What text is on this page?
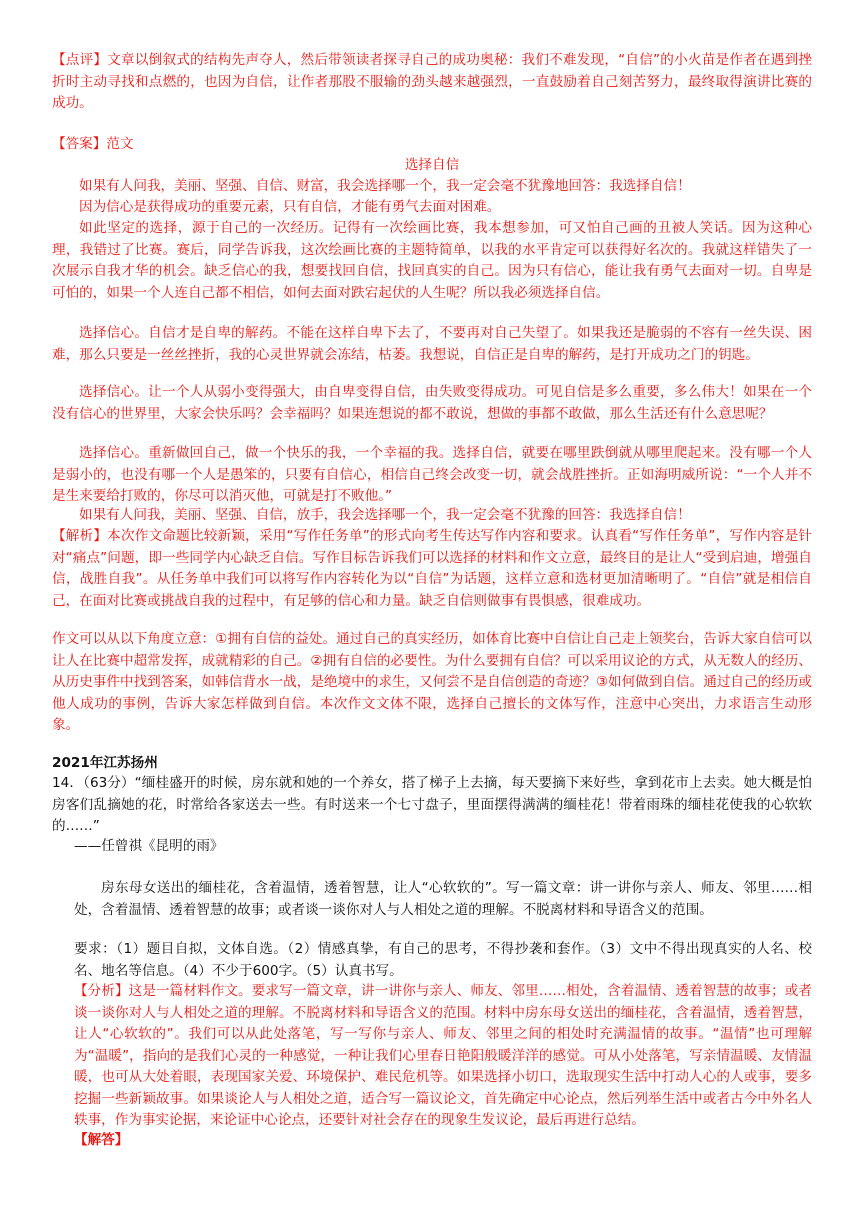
【点评】文章以倒叙式的结构先声夺人，然后带领读者探寻自己的成功奥秘：我们不难发现，“自信”的小火苗是作者在遇到挫折时主动寻找和点燃的，也因为自信，让作者那股不服输的劲头越来越强烈，一直鼓励着自己刻苦努力，最终取得演讲比赛的成功。

【答案】范文

选择自信

如果有人问我，美丽、坚强、自信、财富，我会选择哪一个，我一定会毫不犹豫地回答：我选择自信！

因为信心是获得成功的重要元素，只有自信，才能有勇气去面对困难。

如此坚定的选择，源于自己的一次经历。记得有一次绘画比赛，我本想参加，可又怕自己画的丑被人笑话。因为这种心理，我错过了比赛。赛后，同学告诉我，这次绘画比赛的主题特简单，以我的水平肯定可以获得好名次的。我就这样错失了一次展示自我才华的机会。缺乏信心的我，想要找回自信，找回真实的自己。因为只有信心，能让我有勇气去面对一切。自卑是可怕的，如果一个人连自己都不相信，如何去面对跌宕起伏的人生呢？所以我必须选择自信。

选择信心。自信才是自卑的解药。不能在这样自卑下去了，不要再对自己失望了。如果我还是脆弱的不容有一丝失误、困难，那么只要是一丝丝挫折，我的心灵世界就会冻结，枯萎。我想说，自信正是自卑的解药，是打开成功之门的钥匙。

选择信心。让一个人从弱小变得强大，由自卑变得自信，由失败变得成功。可见自信是多么重要，多么伟大！如果在一个没有信心的世界里，大家会快乐吗？会幸福吗？如果连想说的都不敢说，想做的事都不敢做，那么生活还有什么意思呢？

选择信心。重新做回自己，做一个快乐的我，一个幸福的我。选择自信，就要在哪里跌倒就从哪里爬起来。没有哪一个人是弱小的，也没有哪一个人是愚笨的，只要有自信心，相信自己终会改变一切，就会战胜挫折。正如海明威所说：“一个人并不是生来要给打败的，你尽可以消灭他，可就是打不败他。”

如果有人问我，美丽、坚强、自信，放手，我会选择哪一个，我一定会毫不犹豫的回答：我选择自信！

【解析】本次作文命题比较新颖，采用“写作任务单”的形式向考生传达写作内容和要求。认真看“写作任务单”，写作内容是针对“痛点”问题，即一些同学内心缺乏自信。写作目标告诉我们可以选择的材料和作文立意，最终目的是让人“受到启迪，增强自信，战胜自我”。从任务单中我们可以将写作内容转化为以“自信”为话题，这样立意和选材更加清晰明了。“自信”就是相信自己，在面对比赛或挑战自我的过程中，有足够的信心和力量。缺乏自信则做事有畏惧感，很难成功。

作文可以从以下角度立意：①拥有自信的益处。通过自己的真实经历，如体育比赛中自信让自己走上领奖台，告诉大家自信可以让人在比赛中超常发挥，成就精彩的自己。②拥有自信的必要性。为什么要拥有自信？可以采用议论的方式，从无数人的经历、从历史事件中找到答案，如韩信背水一战，是绝境中的求生，又何尝不是自信创造的奇迹？③如何做到自信。通过自己的经历或他人成功的事例，告诉大家怎样做到自信。本次作文文体不限，选择自己擅长的文体写作，注意中心突出，力求语言生动形象。

2021年江苏扬州

14．（63分）“缅桂盛开的时候，房东就和她的一个养女，搭了梯子上去摘，每天要摘下来好些，拿到花市上去卖。她大概是怕房客们乱摘她的花，时常给各家送去一些。有时送来一个七寸盘子，里面摆得满满的缅桂花！带着雨珠的缅桂花使我的心软软的……”

——任曾祺《昆明的雨》

房东母女送出的缅桂花，含着温情，透着智慧，让人“心软软的”。写一篇文章：讲一讲你与亲人、师友、邻里……相处，含着温情、透着智慧的故事；或者谈一谈你对人与人相处之道的理解。不脱离材料和导语含义的范围。

要求：（1）题目自拟，文体自选。（2）情感真挚，有自己的思考，不得抄袭和套作。（3）文中不得出现真实的人名、校名、地名等信息。（4）不少于600字。（5）认真书写。

【分析】这是一篇材料作文。要求写一篇文章，讲一讲你与亲人、师友、邻里……相处，含着温情、透着智慧的故事；或者谈一谈你对人与人相处之道的理解。不脱离材料和导语含义的范围。材料中房东母女送出的缅桂花，含着温情，透着智慧，让人“心软软的”。我们可以从此处落笔，写一写你与亲人、师友、邻里之间的相处时充满温情的故事。“温情”也可理解为“温暖”，指向的是我们心灵的一种感觉，一种让我们心里春日艳阳般暖洋洋的感觉。可从小处落笔，写亲情温暖、友情温暖，也可从大处着眼，表现国家关爱、环境保护、难民危机等。如果选择小切口，选取现实生活中打动人心的人或事，要多挖掘一些新颖故事。如果谈论人与人相处之道，适合写一篇议论文，首先确定中心论点，然后列举生活中或者古今中外名人轶事，作为事实论据，来论证中心论点，还要针对社会存在的现象生发议论，最后再进行总结。

【解答】
